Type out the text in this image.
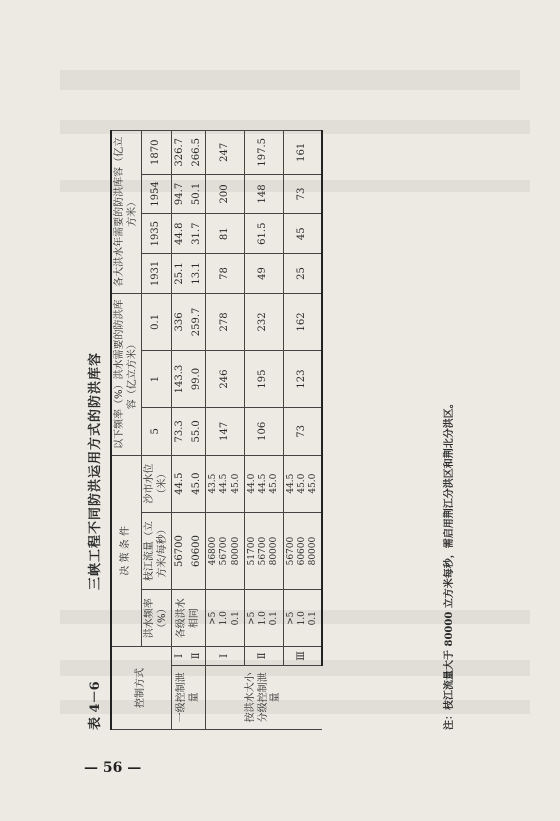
表 4－6
三峡工程不同防洪运用方式的防洪库容
控制方式		决 策 条 件			以下频率（%）洪水需要的防洪库容（亿立方米）			各大洪水年需要的防洪库容（亿立方米）			
		洪水频率（%）	枝江流量（立方米/每秒）	沙市水位（米）	5	1	0.1	1931	1935	1954	1870
一级控制泄量	Ⅰ	各级洪水相同	56700	44.5	73.3	143.3	336	25.1	44.8	94.7	326.7
	Ⅱ		60600	45.0	55.0	99.0	259.7	13.1	31.7	50.1	266.5
按洪水大小分级控制泄量	Ⅰ	>5 1.0 0.1	46800 56700 80000	43.5 44.5 45.0	147	246	278	78	81	200	247
	Ⅱ	>5 1.0 0.1	51700 56700 80000	44.0 44.5 45.0	106	195	232	49	61.5	148	197.5
	Ⅲ	>5 1.0 0.1	56700 60600 80000	44.5 45.0 45.0	73	123	162	25	45	73	161
注：枝江流量大于 80000 立方米每秒，需启用荆江分洪区和荆北分洪区。
— 56 —
